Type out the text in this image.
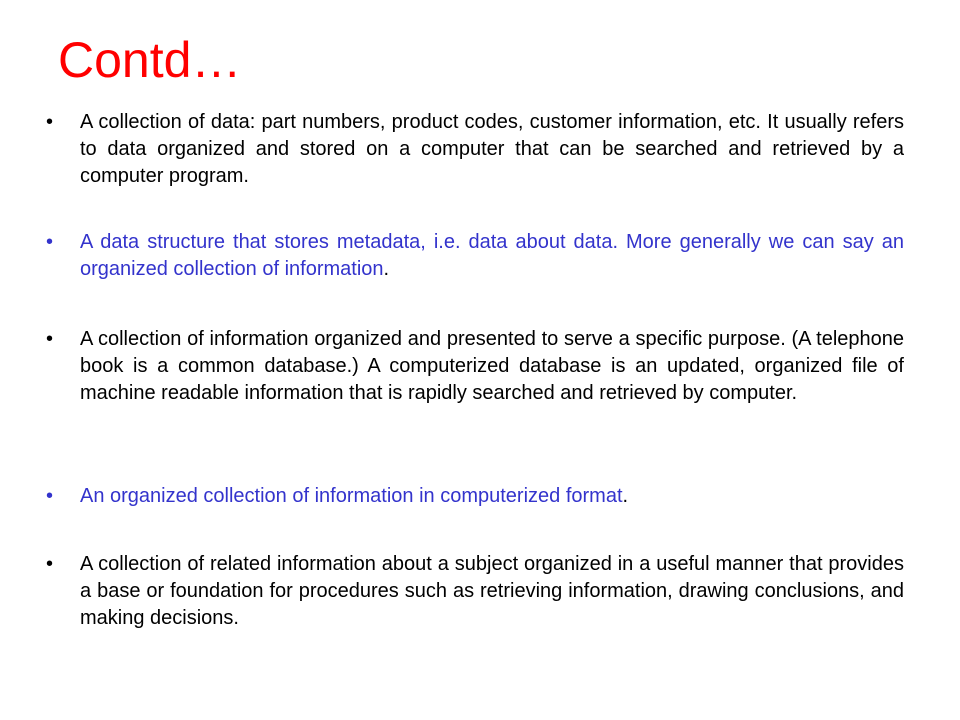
Contd…
•	A collection of data: part numbers, product codes, customer information, etc. It usually refers to data organized and stored on a computer that can be searched and retrieved by a computer program.
•	A data structure that stores metadata, i.e. data about data. More generally we can say an organized collection of information.
•	A collection of information organized and presented to serve a specific purpose. (A telephone book is a common database.) A computerized database is an updated, organized file of machine readable information that is rapidly searched and retrieved by computer.
•	An organized collection of information in computerized format.
•	A collection of related information about a subject organized in a useful manner that provides a base or foundation for procedures such as retrieving information, drawing conclusions, and making decisions.
